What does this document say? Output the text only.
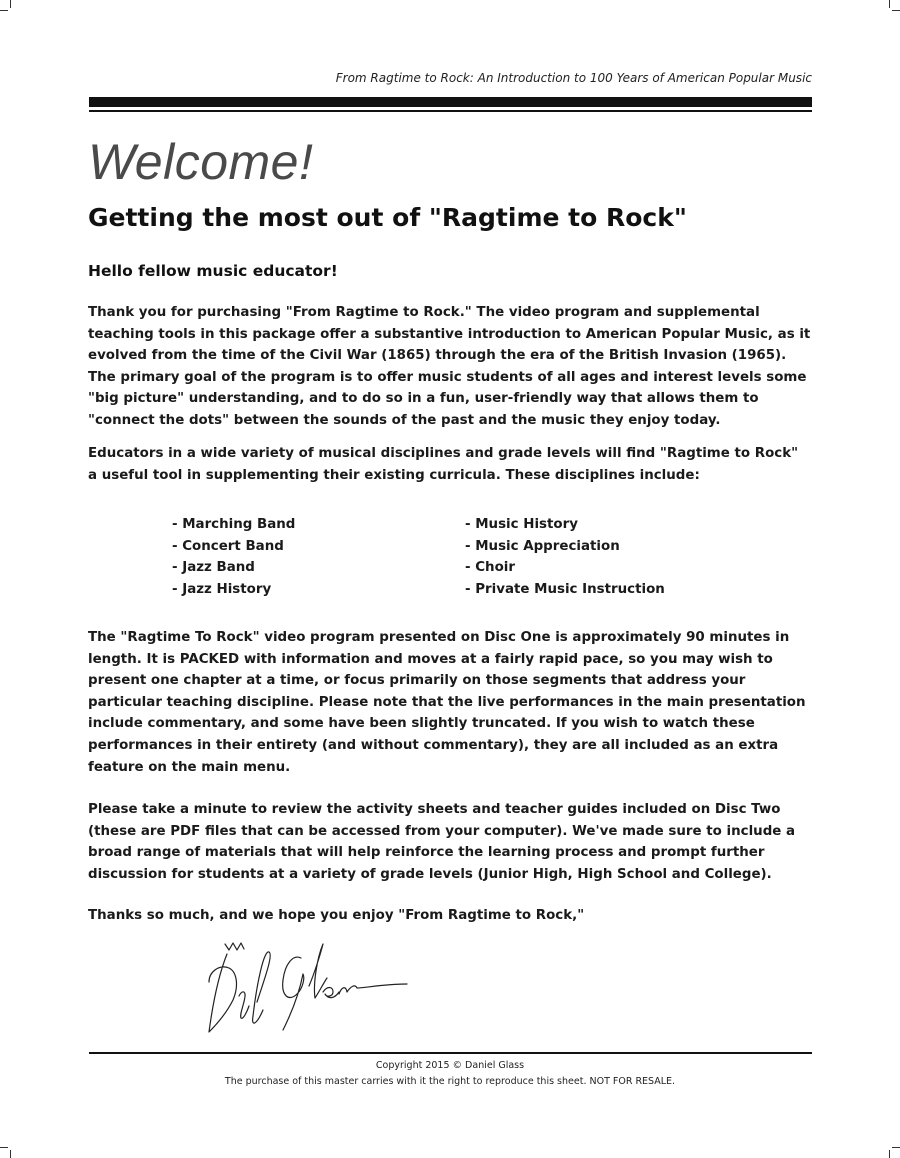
From Ragtime to Rock: An Introduction to 100 Years of American Popular Music
Welcome!
Getting the most out of "Ragtime to Rock"
Hello fellow music educator!

Thank you for purchasing "From Ragtime to Rock." The video program and supplemental
teaching tools in this package offer a substantive introduction to American Popular Music, as it
evolved from the time of the Civil War (1865) through the era of the British Invasion (1965).
The primary goal of the program is to offer music students of all ages and interest levels some
"big picture" understanding, and to do so in a fun, user-friendly way that allows them to
"connect the dots" between the sounds of the past and the music they enjoy today.

Educators in a wide variety of musical disciplines and grade levels will find "Ragtime to Rock"
a useful tool in supplementing their existing curricula. These disciplines include:

- Marching Band
- Concert Band
- Jazz Band
- Jazz History
- Music History
- Music Appreciation
- Choir
- Private Music Instruction

The "Ragtime To Rock" video program presented on Disc One is approximately 90 minutes in
length. It is PACKED with information and moves at a fairly rapid pace, so you may wish to
present one chapter at a time, or focus primarily on those segments that address your
particular teaching discipline. Please note that the live performances in the main presentation
include commentary, and some have been slightly truncated. If you wish to watch these
performances in their entirety (and without commentary), they are all included as an extra
feature on the main menu.

Please take a minute to review the activity sheets and teacher guides included on Disc Two
(these are PDF files that can be accessed from your computer). We've made sure to include a
broad range of materials that will help reinforce the learning process and prompt further
discussion for students at a variety of grade levels (Junior High, High School and College).

Thanks so much, and we hope you enjoy "From Ragtime to Rock,"

Copyright 2015 © Daniel Glass
The purchase of this master carries with it the right to reproduce this sheet. NOT FOR RESALE.
